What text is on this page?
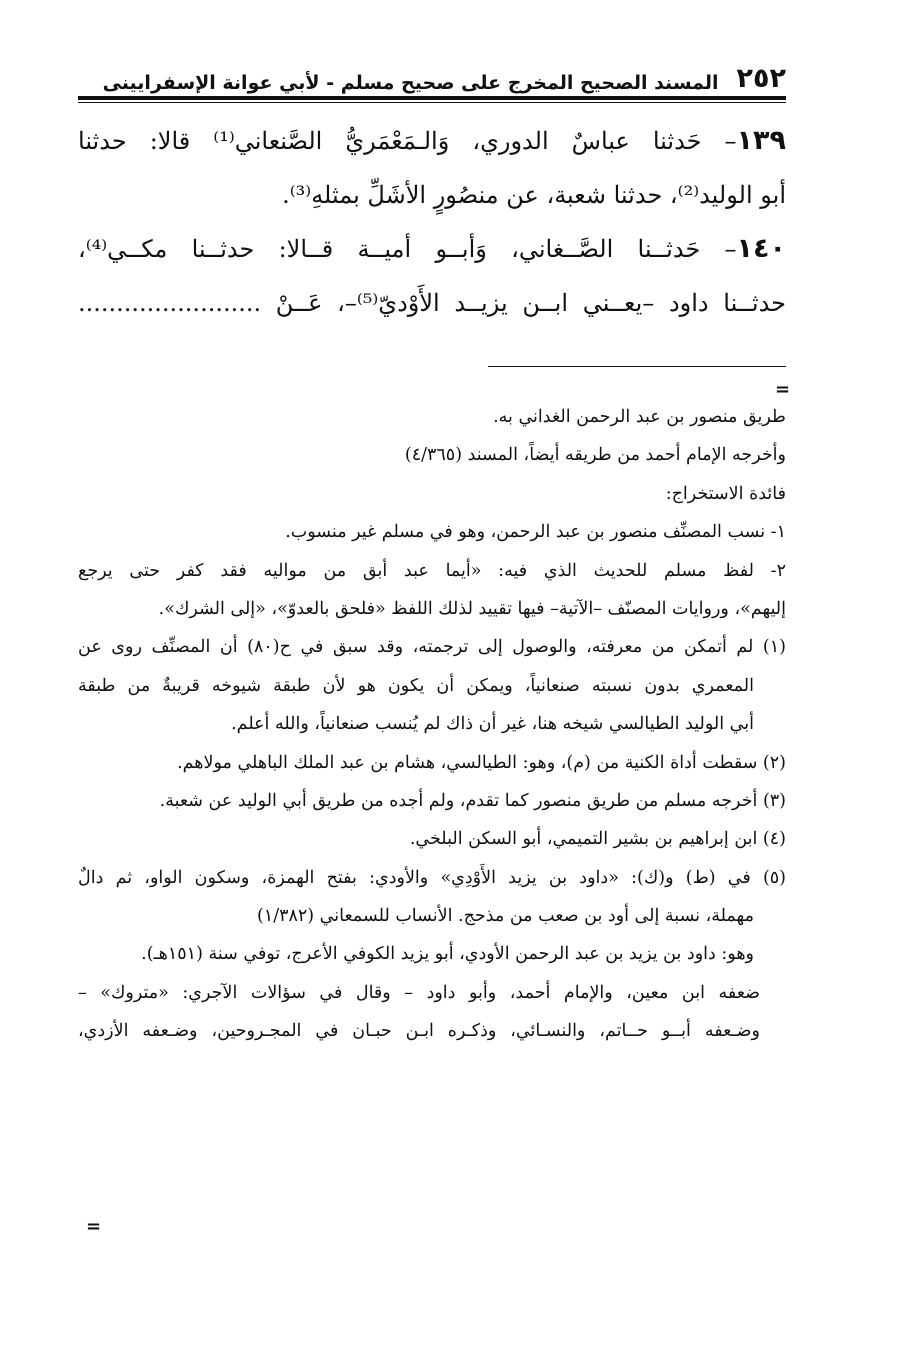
٢٥٢
المسند الصحيح المخرج على صحيح مسلم - لأبي عوانة الإسفرايينى
١٣٩– حَدثنا عباسٌ الدوري، وَالـمَعْمَريُّ الصَّنعاني⁽¹⁾ قالا: حدثنا
أبو الوليد⁽²⁾، حدثنا شعبة، عن منصُورٍ الأشَلِّ بمثلهِ⁽³⁾.
١٤٠– حَدثــنا الصَّــغاني، وَأبــو أميــة قــالا: حدثــنا مكــي⁽⁴⁾،
حدثــنا داود –يعــني ابــن يزيــد الأَوْديّ⁽⁵⁾–، عَــنْ ........................
=
طريق منصور بن عبد الرحمن الغداني به.
وأخرجه الإمام أحمد من طريقه أيضاً، المسند (٤/٣٦٥)
فائدة الاستخراج:
١- نسب المصنِّف منصور بن عبد الرحمن، وهو في مسلم غير منسوب.
٢- لفظ مسلم للحديث الذي فيه: «أيما عبد أبق من مواليه فقد كفر حتى يرجع
إليهم»، وروايات المصنّف –الآتية– فيها تقييد لذلك اللفظ «فلحق بالعدوّ»، «إلى الشرك».
(١) لم أتمكن من معرفته، والوصول إلى ترجمته، وقد سبق في ح(٨٠) أن المصنِّف روى عن
المعمري بدون نسبته صنعانياً، ويمكن أن يكون هو لأن طبقة شيوخه قريبةٌ من طبقة
أبي الوليد الطيالسي شيخه هنا، غير أن ذاك لم يُنسب صنعانياً، والله أعلم.
(٢) سقطت أداة الكنية من (م)، وهو: الطيالسي، هشام بن عبد الملك الباهلي مولاهم.
(٣) أخرجه مسلم من طريق منصور كما تقدم، ولم أجده من طريق أبي الوليد عن شعبة.
(٤) ابن إبراهيم بن بشير التميمي، أبو السكن البلخي.
(٥) في (ط) و(ك): «داود بن يزيد الأَوْدِي» والأودي: بفتح الهمزة، وسكون الواو، ثم دالٌ
مهملة، نسبة إلى أود بن صعب من مذحج. الأنساب للسمعاني (١/٣٨٢)
وهو: داود بن يزيد بن عبد الرحمن الأودي، أبو يزيد الكوفي الأعرج، توفي سنة (١٥١هـ).
ضعفه ابن معين، والإمام أحمد، وأبو داود – وقال في سؤالات الآجري: «متروك» –
وضـعفه أبــو حــاتم، والنسـائي، وذكـره ابـن حبـان في المجـروحين، وضـعفه الأزدي،
=
